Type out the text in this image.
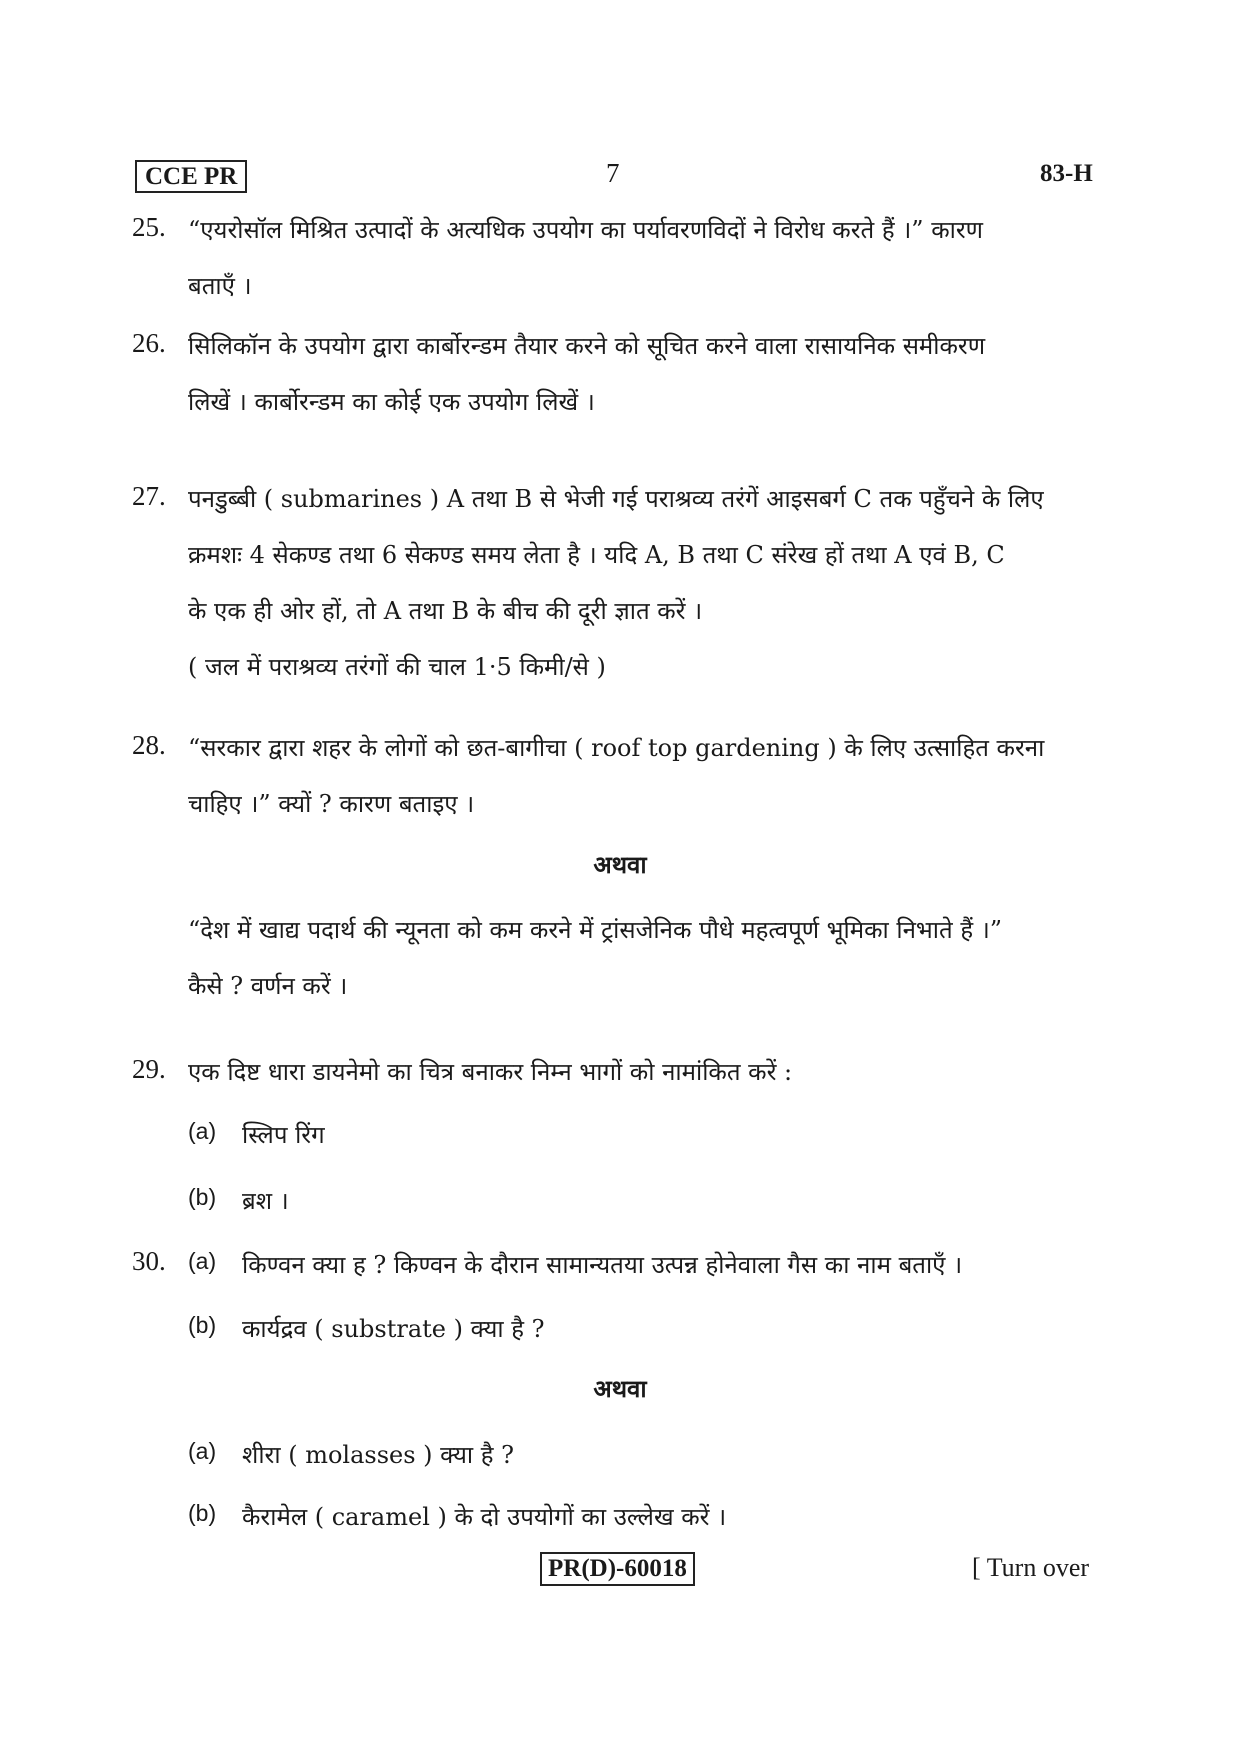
CCE PR	7	83-H
25. “एयरोसॉल मिश्रित उत्पादों के अत्यधिक उपयोग का पर्यावरणविदों ने विरोध करते हैं ।” कारण
बताएँ ।
26. सिलिकॉन के उपयोग द्वारा कार्बोरन्डम तैयार करने को सूचित करने वाला रासायनिक समीकरण
लिखें । कार्बोरन्डम का कोई एक उपयोग लिखें ।
27. पनडुब्बी ( submarines ) A तथा B से भेजी गई पराश्रव्य तरंगें आइसबर्ग C तक पहुँचने के लिए
क्रमशः 4 सेकण्ड तथा 6 सेकण्ड समय लेता है । यदि A, B तथा C संरेख हों तथा A एवं B, C
के एक ही ओर हों, तो A तथा B के बीच की दूरी ज्ञात करें ।
( जल में पराश्रव्य तरंगों की चाल 1·5 किमी/से )
28. “सरकार द्वारा शहर के लोगों को छत-बागीचा ( roof top gardening ) के लिए उत्साहित करना
चाहिए ।” क्यों ? कारण बताइए ।
अथवा
“देश में खाद्य पदार्थ की न्यूनता को कम करने में ट्रांसजेनिक पौधे महत्वपूर्ण भूमिका निभाते हैं ।”
कैसे ? वर्णन करें ।
29. एक दिष्ट धारा डायनेमो का चित्र बनाकर निम्न भागों को नामांकित करें :
(a) स्लिप रिंग
(b) ब्रश ।
30. (a) किण्वन क्या ह ? किण्वन के दौरान सामान्यतया उत्पन्न होनेवाला गैस का नाम बताएँ ।
(b) कार्यद्रव ( substrate ) क्या है ?
अथवा
(a) शीरा ( molasses ) क्या है ?
(b) कैरामेल ( caramel ) के दो उपयोगों का उल्लेख करें ।
PR(D)-60018	[ Turn over
